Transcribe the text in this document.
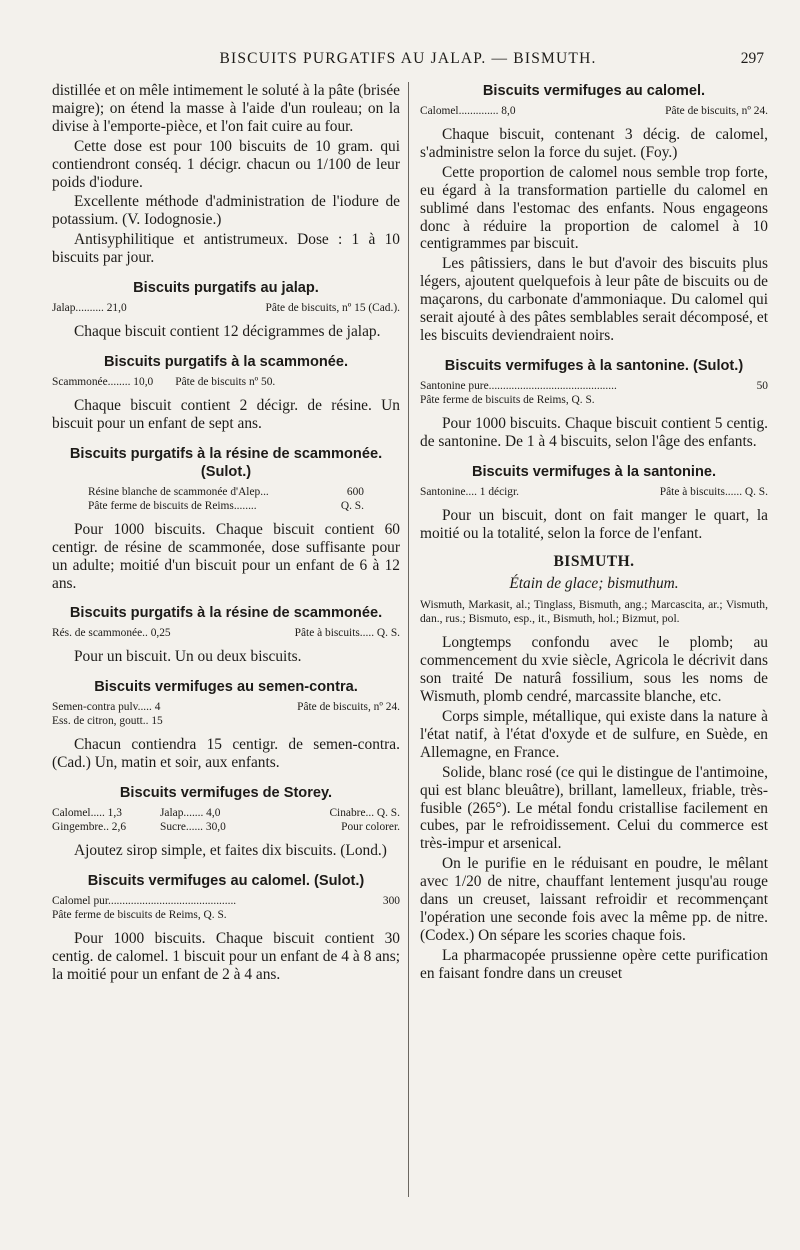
BISCUITS PURGATIFS AU JALAP. — BISMUTH.	297

distillée et on mêle intimement le soluté à la pâte (brisée maigre); on étend la masse à l'aide d'un rouleau; on la divise à l'emporte-pièce, et l'on fait cuire au four.

Cette dose est pour 100 biscuits de 10 gram. qui contiendront conséq. 1 décigr. chacun ou 1/100 de leur poids d'iodure.

Excellente méthode d'administration de l'iodure de potassium. (V. Iodognosie.)

Antisyphilitique et antistrumeux. Dose : 1 à 10 biscuits par jour.

Biscuits purgatifs au jalap.
Jalap.......... 21,0	Pâte de biscuits, nº 15 (Cad.).

Chaque biscuit contient 12 décigrammes de jalap.

Biscuits purgatifs à la scammonée.
Scammonée........ 10,0	Pâte de biscuits nº 50.

Chaque biscuit contient 2 décigr. de résine. Un biscuit pour un enfant de sept ans.

Biscuits purgatifs à la résine de scammonée. (Sulot.)
Résine blanche de scammonée d'Alep...	600
Pâte ferme de biscuits de Reims........	Q. S.

Pour 1000 biscuits. Chaque biscuit contient 60 centigr. de résine de scammonée, dose suffisante pour un adulte; moitié d'un biscuit pour un enfant de 6 à 12 ans.

Biscuits purgatifs à la résine de scammonée.
Rés. de scammonée.. 0,25	Pâte à biscuits..... Q. S.

Pour un biscuit. Un ou deux biscuits.

Biscuits vermifuges au semen-contra.
Semen-contra pulv..... 4	Pâte de biscuits, nº 24.
Ess. de citron, goutt.. 15

Chacun contiendra 15 centigr. de semen-contra. (Cad.) Un, matin et soir, aux enfants.

Biscuits vermifuges de Storey.
Calomel..... 1,3	Jalap....... 4,0	Cinabre... Q. S.
Gingembre.. 2,6	Sucre...... 30,0	Pour colorer.

Ajoutez sirop simple, et faites dix biscuits. (Lond.)

Biscuits vermifuges au calomel. (Sulot.)
Calomel pur.............................................	300
Pâte ferme de biscuits de Reims, Q. S.

Pour 1000 biscuits. Chaque biscuit contient 30 centig. de calomel. 1 biscuit pour un enfant de 4 à 8 ans; la moitié pour un enfant de 2 à 4 ans.

Biscuits vermifuges au calomel.
Calomel.............. 8,0	Pâte de biscuits, nº 24.

Chaque biscuit, contenant 3 décig. de calomel, s'administre selon la force du sujet. (Foy.)

Cette proportion de calomel nous semble trop forte, eu égard à la transformation partielle du calomel en sublimé dans l'estomac des enfants. Nous engageons donc à réduire la proportion de calomel à 10 centigrammes par biscuit.

Les pâtissiers, dans le but d'avoir des biscuits plus légers, ajoutent quelquefois à leur pâte de biscuits ou de maçarons, du carbonate d'ammoniaque. Du calomel qui serait ajouté à des pâtes semblables serait décomposé, et les biscuits deviendraient noirs.

Biscuits vermifuges à la santonine. (Sulot.)
Santonine pure.............................................	50
Pâte ferme de biscuits de Reims, Q. S.

Pour 1000 biscuits. Chaque biscuit contient 5 centig. de santonine. De 1 à 4 biscuits, selon l'âge des enfants.

Biscuits vermifuges à la santonine.
Santonine.... 1 décigr.	Pâte à biscuits...... Q. S.

Pour un biscuit, dont on fait manger le quart, la moitié ou la totalité, selon la force de l'enfant.

BISMUTH.
Étain de glace; bismuthum.
Wismuth, Markasit, al.; Tinglass, Bismuth, ang.; Marcascita, ar.; Vismuth, dan., rus.; Bismuto, esp., it., Bismuth, hol.; Bizmut, pol.

Longtemps confondu avec le plomb; au commencement du xvie siècle, Agricola le décrivit dans son traité De naturâ fossilium, sous les noms de Wismuth, plomb cendré, marcassite blanche, etc.

Corps simple, métallique, qui existe dans la nature à l'état natif, à l'état d'oxyde et de sulfure, en Suède, en Allemagne, en France.

Solide, blanc rosé (ce qui le distingue de l'antimoine, qui est blanc bleuâtre), brillant, lamelleux, friable, très-fusible (265°). Le métal fondu cristallise facilement en cubes, par le refroidissement. Celui du commerce est très-impur et arsenical.

On le purifie en le réduisant en poudre, le mêlant avec 1/20 de nitre, chauffant lentement jusqu'au rouge dans un creuset, laissant refroidir et recommençant l'opération une seconde fois avec la même pp. de nitre. (Codex.) On sépare les scories chaque fois.

La pharmacopée prussienne opère cette purification en faisant fondre dans un creuset
